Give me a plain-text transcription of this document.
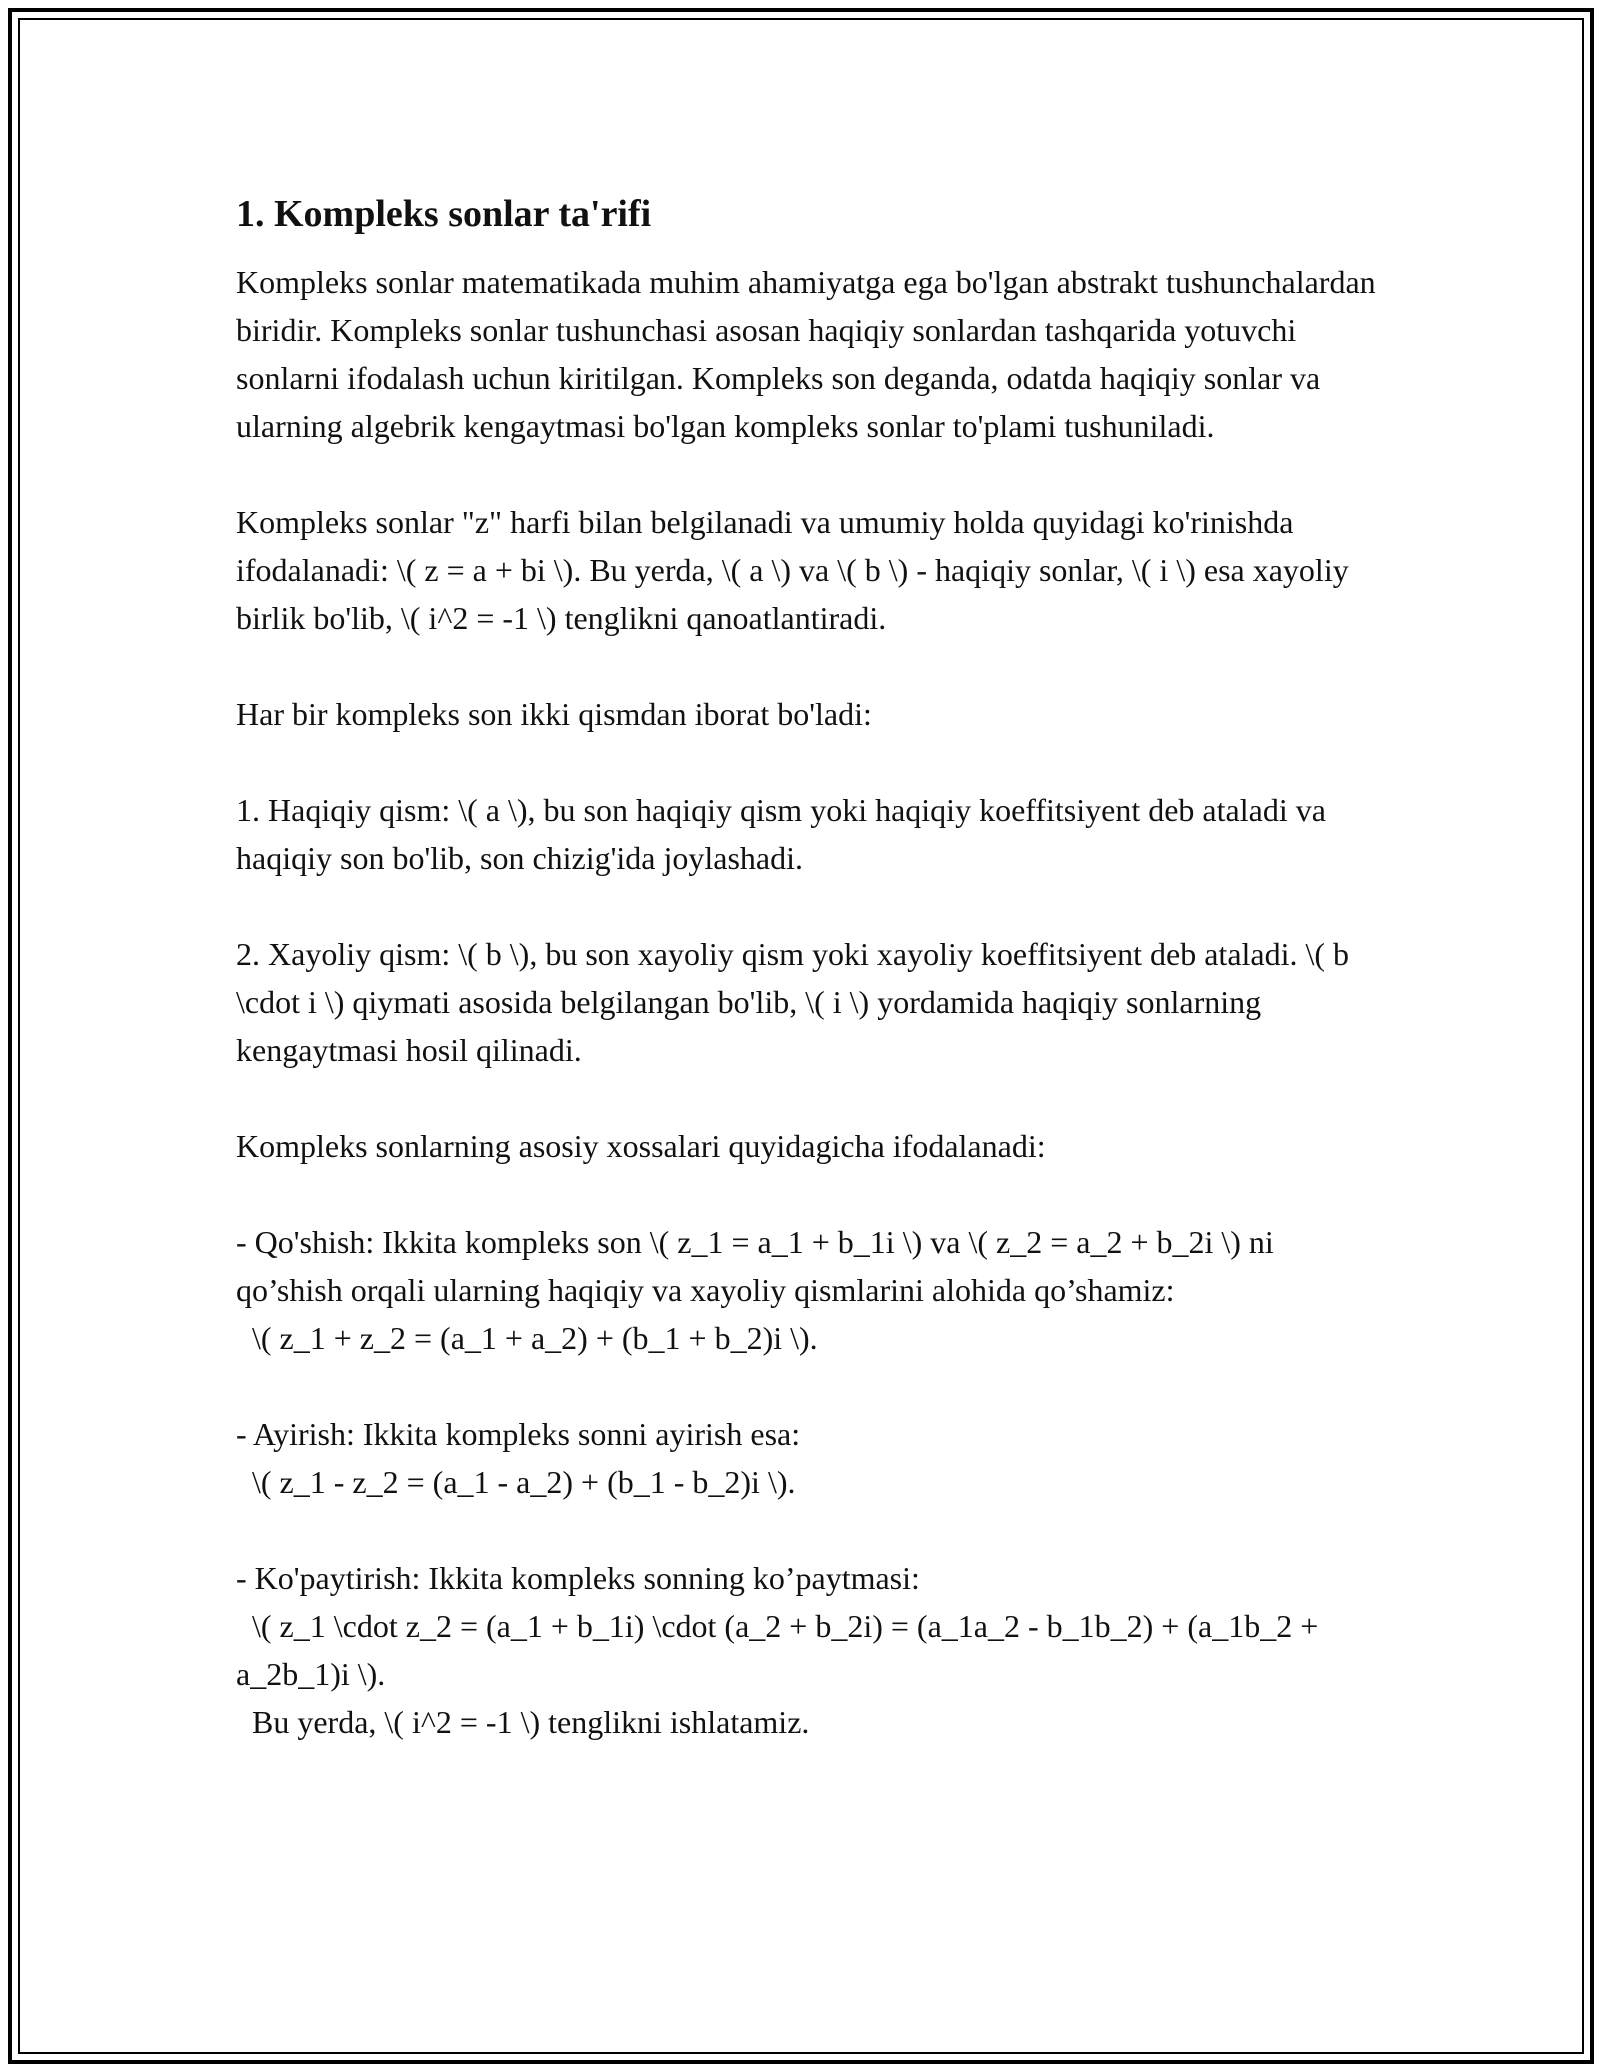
1. Kompleks sonlar ta'rifi

Kompleks sonlar matematikada muhim ahamiyatga ega bo'lgan abstrakt tushunchalardan biridir. Kompleks sonlar tushunchasi asosan haqiqiy sonlardan tashqarida yotuvchi sonlarni ifodalash uchun kiritilgan. Kompleks son deganda, odatda haqiqiy sonlar va ularning algebrik kengaytmasi bo'lgan kompleks sonlar to'plami tushuniladi.

Kompleks sonlar "z" harfi bilan belgilanadi va umumiy holda quyidagi ko'rinishda ifodalanadi: \( z = a + bi \). Bu yerda, \( a \) va \( b \) - haqiqiy sonlar, \( i \) esa xayoliy birlik bo'lib, \( i^2 = -1 \) tenglikni qanoatlantiradi.

Har bir kompleks son ikki qismdan iborat bo'ladi:

1. Haqiqiy qism: \( a \), bu son haqiqiy qism yoki haqiqiy koeffitsiyent deb ataladi va haqiqiy son bo'lib, son chizig'ida joylashadi.

2. Xayoliy qism: \( b \), bu son xayoliy qism yoki xayoliy koeffitsiyent deb ataladi. \( b \cdot i \) qiymati asosida belgilangan bo'lib, \( i \) yordamida haqiqiy sonlarning kengaytmasi hosil qilinadi.

Kompleks sonlarning asosiy xossalari quyidagicha ifodalanadi:

- Qo'shish: Ikkita kompleks son \( z_1 = a_1 + b_1i \) va \( z_2 = a_2 + b_2i \) ni qo’shish orqali ularning haqiqiy va xayoliy qismlarini alohida qo’shamiz:

\( z_1 + z_2 = (a_1 + a_2) + (b_1 + b_2)i \).

- Ayirish: Ikkita kompleks sonni ayirish esa:

\( z_1 - z_2 = (a_1 - a_2) + (b_1 - b_2)i \).

- Ko'paytirish: Ikkita kompleks sonning ko’paytmasi:

\( z_1 \cdot z_2 = (a_1 + b_1i) \cdot (a_2 + b_2i) = (a_1a_2 - b_1b_2) + (a_1b_2 + a_2b_1)i \).

Bu yerda, \( i^2 = -1 \) tenglikni ishlatamiz.
